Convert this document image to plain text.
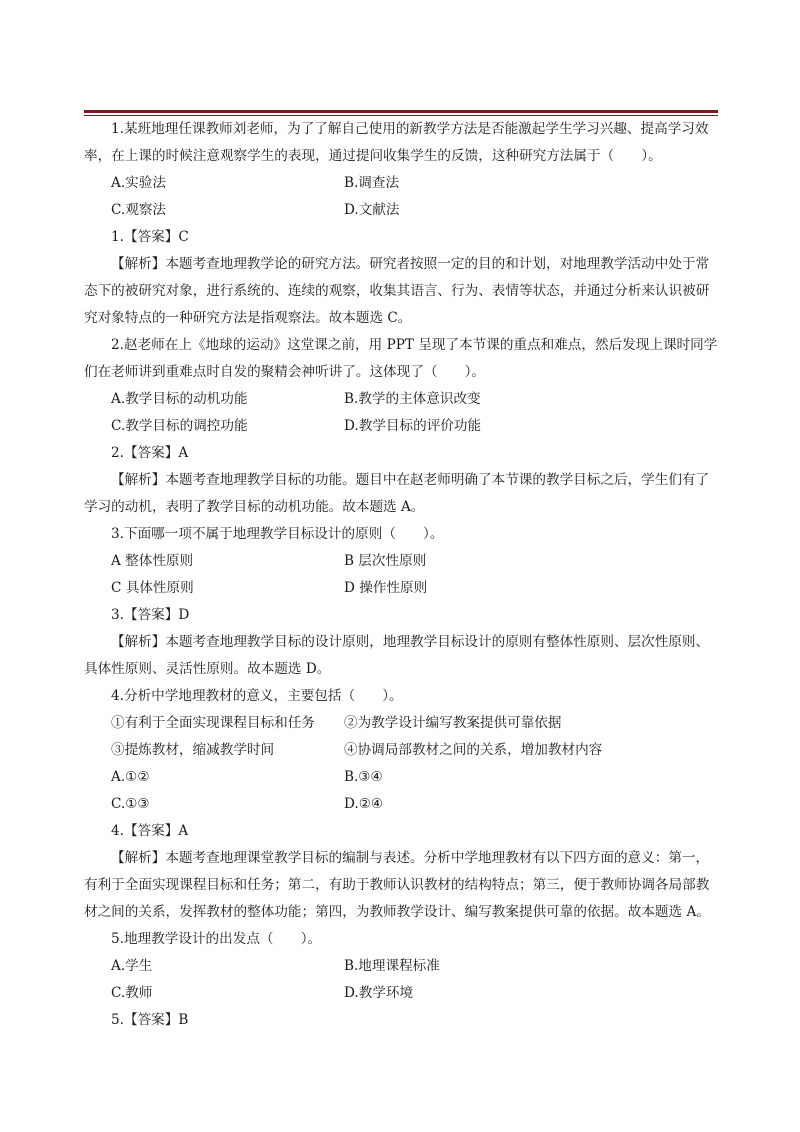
1.某班地理任课教师刘老师，为了了解自己使用的新教学方法是否能激起学生学习兴趣、提高学习效
率，在上课的时候注意观察学生的表现，通过提问收集学生的反馈，这种研究方法属于（　　）。
A.实验法	B.调查法
C.观察法	D.文献法
1.【答案】C
【解析】本题考查地理教学论的研究方法。研究者按照一定的目的和计划，对地理教学活动中处于常
态下的被研究对象，进行系统的、连续的观察，收集其语言、行为、表情等状态，并通过分析来认识被研
究对象特点的一种研究方法是指观察法。故本题选 C。
2.赵老师在上《地球的运动》这堂课之前，用 PPT 呈现了本节课的重点和难点，然后发现上课时同学
们在老师讲到重难点时自发的聚精会神听讲了。这体现了（　　）。
A.教学目标的动机功能	B.教学的主体意识改变
C.教学目标的调控功能	D.教学目标的评价功能
2.【答案】A
【解析】本题考查地理教学目标的功能。题目中在赵老师明确了本节课的教学目标之后，学生们有了
学习的动机，表明了教学目标的动机功能。故本题选 A。
3.下面哪一项不属于地理教学目标设计的原则（　　）。
A 整体性原则	B 层次性原则
C 具体性原则	D 操作性原则
3.【答案】D
【解析】本题考查地理教学目标的设计原则，地理教学目标设计的原则有整体性原则、层次性原则、
具体性原则、灵活性原则。故本题选 D。
4.分析中学地理教材的意义，主要包括（　　）。
①有利于全面实现课程目标和任务	②为教学设计编写教案提供可靠依据
③提炼教材，缩减教学时间	④协调局部教材之间的关系，增加教材内容
A.①②	B.③④
C.①③	D.②④
4.【答案】A
【解析】本题考查地理课堂教学目标的编制与表述。分析中学地理教材有以下四方面的意义：第一，
有利于全面实现课程目标和任务；第二，有助于教师认识教材的结构特点；第三，便于教师协调各局部教
材之间的关系，发挥教材的整体功能；第四，为教师教学设计、编写教案提供可靠的依据。故本题选 A。
5.地理教学设计的出发点（　　）。
A.学生	B.地理课程标准
C.教师	D.教学环境
5.【答案】B
